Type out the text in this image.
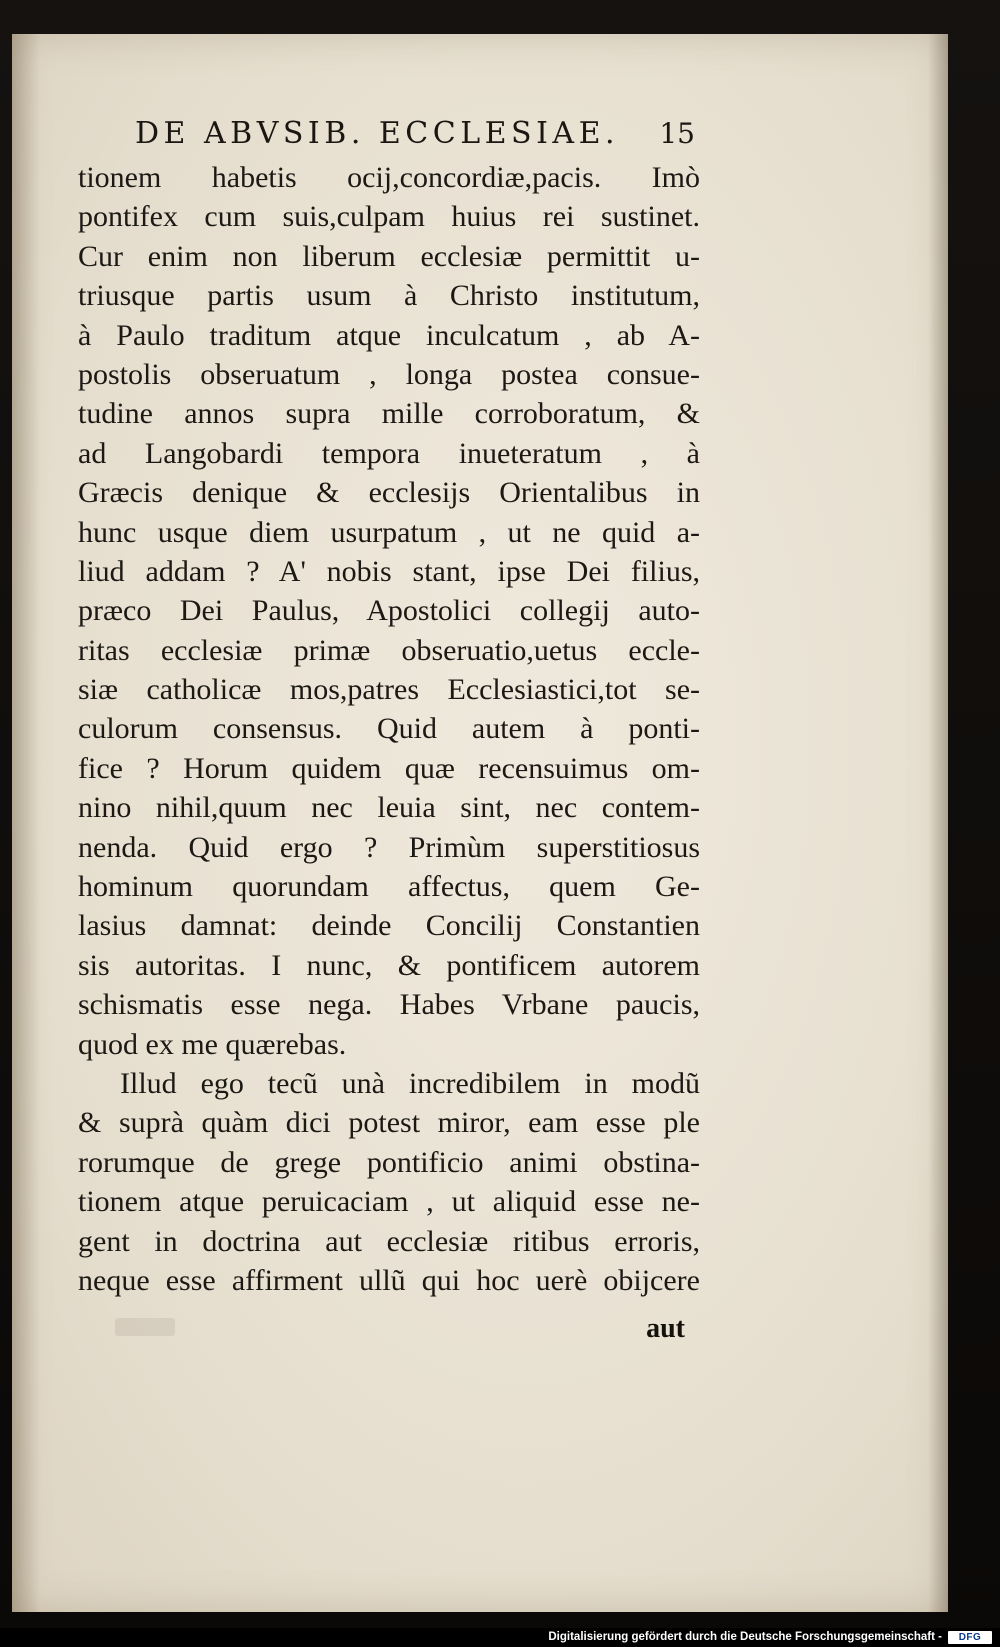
DE ABVSIB. ECCLESIAE. 15
tionem habetis ocij,concordiæ,pacis. Imò
pontifex cum suis,culpam huius rei sustinet.
Cur enim non liberum ecclesiæ permittit u-
triusque partis usum à Christo institutum,
à Paulo traditum atque inculcatum , ab A-
postolis obseruatum , longa postea consue-
tudine annos supra mille corroboratum, &
ad Langobardi tempora inueteratum , à
Græcis denique & ecclesijs Orientalibus in
hunc usque diem usurpatum , ut ne quid a-
liud addam ? A' nobis stant, ipse Dei filius,
præco Dei Paulus, Apostolici collegij auto-
ritas ecclesiæ primæ obseruatio,uetus eccle-
siæ catholicæ mos,patres Ecclesiastici,tot se-
culorum consensus. Quid autem à ponti-
fice ? Horum quidem quæ recensuimus om-
nino nihil,quum nec leuia sint, nec contem-
nenda. Quid ergo ? Primùm superstitiosus
hominum quorundam affectus, quem Ge-
lasius damnat: deinde Concilij Constantien
sis autoritas. I nunc, & pontificem autorem
schismatis esse nega. Habes Vrbane paucis,
quod ex me quærebas.
Illud ego tecũ unà incredibilem in modũ
& suprà quàm dici potest miror, eam esse ple
rorumque de grege pontificio animi obstina-
tionem atque peruicaciam , ut aliquid esse ne-
gent in doctrina aut ecclesiæ ritibus erroris,
neque esse affirment ullũ qui hoc uerè obijcere
aut
Digitalisierung gefördert durch die Deutsche Forschungsgemeinschaft -	DFG
